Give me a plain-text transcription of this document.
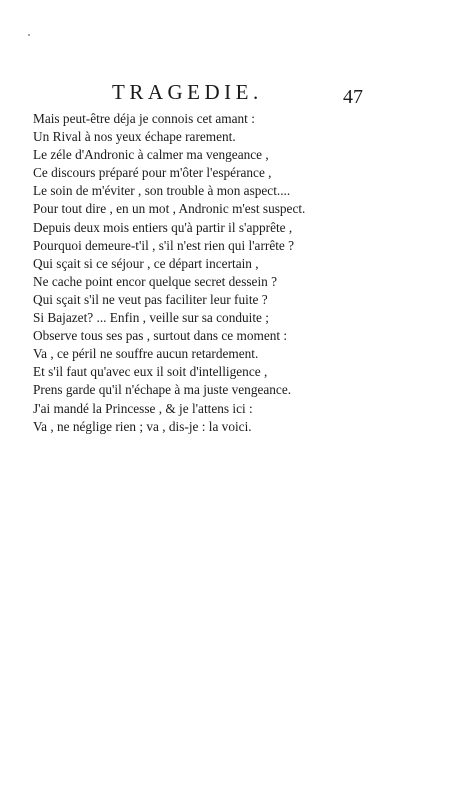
TRAGEDIE.	47
Mais peut-être déja je connois cet amant :
Un Rival à nos yeux échape rarement.
Le zéle d'Andronic à calmer ma vengeance ,
Ce discours préparé pour m'ôter l'espérance ,
Le soin de m'éviter , son trouble à mon aspect....
Pour tout dire , en un mot , Andronic m'est suspect.
Depuis deux mois entiers qu'à partir il s'apprête ,
Pourquoi demeure-t'il , s'il n'est rien qui l'arrête ?
Qui sçait si ce séjour , ce départ incertain ,
Ne cache point encor quelque secret dessein ?
Qui sçait s'il ne veut pas faciliter leur fuite ?
Si Bajazet? ... Enfin , veille sur sa conduite ;
Observe tous ses pas , surtout dans ce moment :
Va , ce péril ne souffre aucun retardement.
Et s'il faut qu'avec eux il soit d'intelligence ,
Prens garde qu'il n'échape à ma juste vengeance.
J'ai mandé la Princesse , & je l'attens ici :
Va , ne néglige rien ; va , dis-je : la voici.
